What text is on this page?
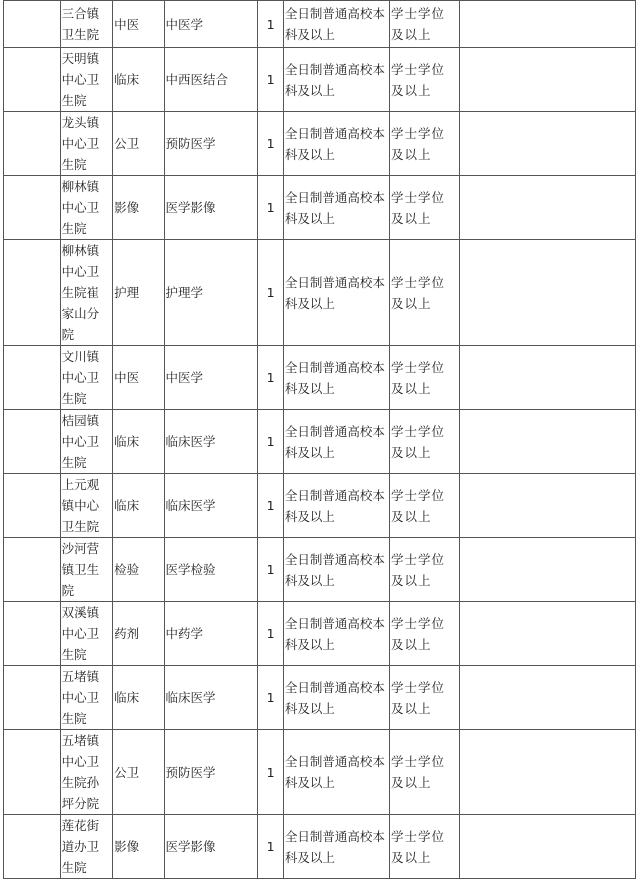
	三合镇卫生院	中医	中医学	1	全日制普通高校本科及以上	学士学位及以上	
	天明镇中心卫生院	临床	中西医结合	1	全日制普通高校本科及以上	学士学位及以上	
	龙头镇中心卫生院	公卫	预防医学	1	全日制普通高校本科及以上	学士学位及以上	
	柳林镇中心卫生院	影像	医学影像	1	全日制普通高校本科及以上	学士学位及以上	
	柳林镇中心卫生院崔家山分院	护理	护理学	1	全日制普通高校本科及以上	学士学位及以上	
	文川镇中心卫生院	中医	中医学	1	全日制普通高校本科及以上	学士学位及以上	
	桔园镇中心卫生院	临床	临床医学	1	全日制普通高校本科及以上	学士学位及以上	
	上元观镇中心卫生院	临床	临床医学	1	全日制普通高校本科及以上	学士学位及以上	
	沙河营镇卫生院	检验	医学检验	1	全日制普通高校本科及以上	学士学位及以上	
	双溪镇中心卫生院	药剂	中药学	1	全日制普通高校本科及以上	学士学位及以上	
	五堵镇中心卫生院	临床	临床医学	1	全日制普通高校本科及以上	学士学位及以上	
	五堵镇中心卫生院孙坪分院	公卫	预防医学	1	全日制普通高校本科及以上	学士学位及以上	
	莲花街道办卫生院	影像	医学影像	1	全日制普通高校本科及以上	学士学位及以上	
